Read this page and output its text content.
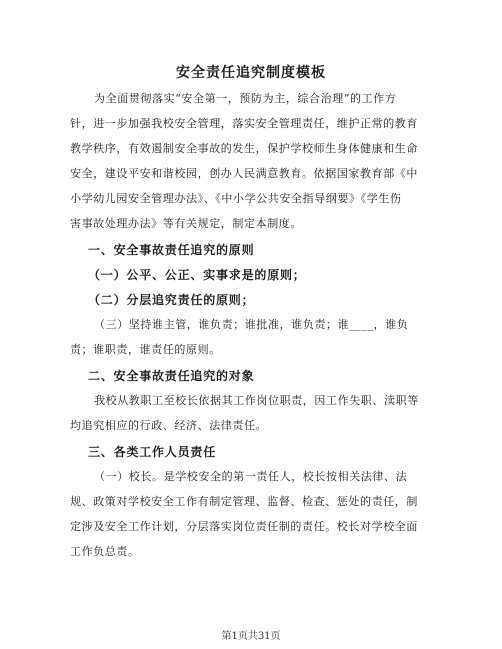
安全责任追究制度模板
为全面贯彻落实“安全第一，预防为主，综合治理”的工作方
针，进一步加强我校安全管理，落实安全管理责任，维护正常的教育
教学秩序，有效遏制安全事故的发生，保护学校师生身体健康和生命
安全，建设平安和谐校园，创办人民满意教育。依据国家教育部《中
小学幼儿园安全管理办法》、《中小学公共安全指导纲要》《学生伤
害事故处理办法》等有关规定，制定本制度。
一、安全事故责任追究的原则
（一）公平、公正、实事求是的原则；
（二）分层追究责任的原则；
（三）坚持谁主管，谁负责；谁批准，谁负责；谁____，谁负
责；谁职责，谁责任的原则。
二、安全事故责任追究的对象
我校从教职工至校长依据其工作岗位职责，因工作失职、渎职等
均追究相应的行政、经济、法律责任。
三、各类工作人员责任
（一）校长。是学校安全的第一责任人，校长按相关法律、法
规、政策对学校安全工作有制定管理、监督、检查、惩处的责任，制
定涉及安全工作计划，分层落实岗位责任制的责任。校长对学校全面
工作负总责。
第1页共31页
